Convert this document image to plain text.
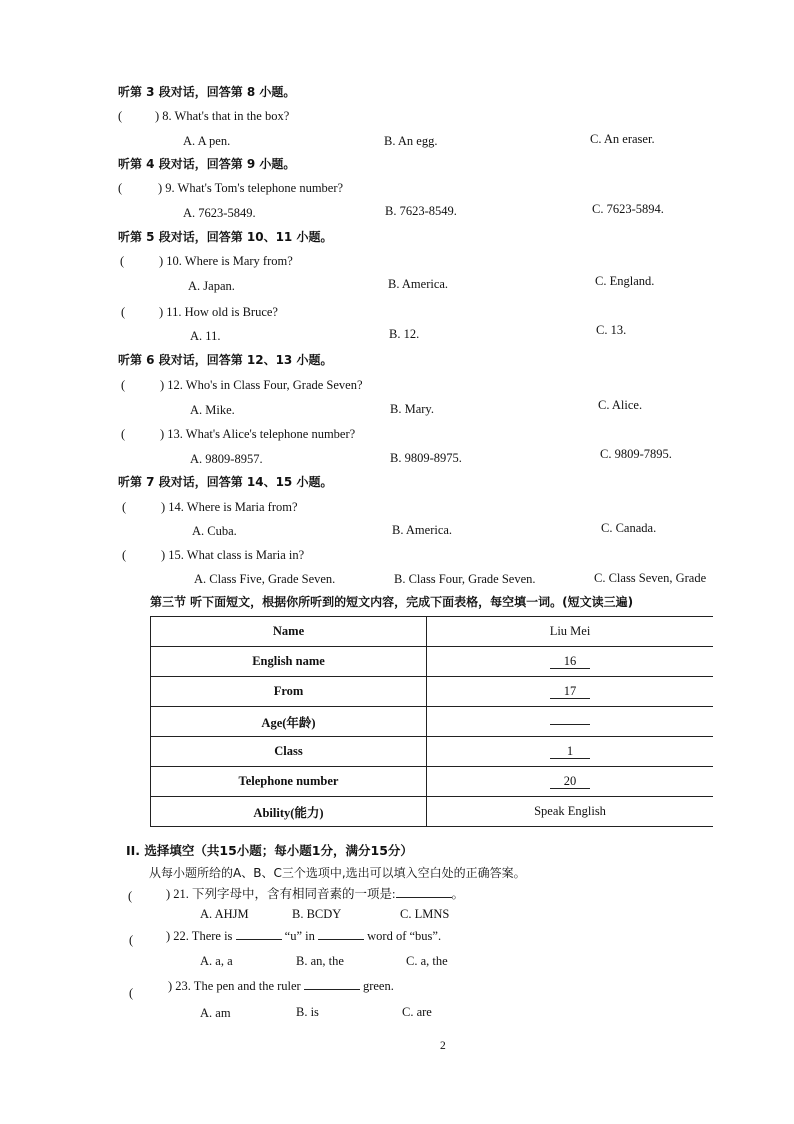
听第 3 段对话，回答第 8 小题。
(	) 8. What's that in the box?
A. A pen.	B. An egg.	C. An eraser.
听第 4 段对话，回答第 9 小题。
(	) 9. What's Tom's telephone number?
A. 7623-5849.	B. 7623-8549.	C. 7623-5894.
听第 5 段对话，回答第 10、11 小题。
(	) 10. Where is Mary from?
A. Japan.	B. America.	C. England.
(	) 11. How old is Bruce?
A. 11.	B. 12.	C. 13.
听第 6 段对话，回答第 12、13 小题。
(	) 12. Who's in Class Four, Grade Seven?
A. Mike.	B. Mary.	C. Alice.
(	) 13. What's Alice's telephone number?
A. 9809-8957.	B. 9809-8975.	C. 9809-7895.
听第 7 段对话，回答第 14、15 小题。
(	) 14. Where is Maria from?
A. Cuba.	B. America.	C. Canada.
(	) 15. What class is Maria in?
A. Class Five, Grade Seven.	B. Class Four, Grade Seven.	C. Class Seven, Grade
第三节 听下面短文，根据你所听到的短文内容，完成下面表格，每空填一词。(短文读三遍)
Name	Liu Mei
English name	16
From	17
Age(年龄)	
Class	1
Telephone number	20
Ability(能力)	Speak English
II. 选择填空（共15小题；每小题1分，满分15分）
从每小题所给的A、B、C三个选项中,选出可以填入空白处的正确答案。
(	) 21. 下列字母中，含有相同音素的一项是:	。
A. AHJM	B. BCDY	C. LMNS
(	) 22. There is	“u” in	word of “bus”.
A. a, a	B. an, the	C. a, the
(	) 23. The pen and the ruler	green.
A. am	B. is	C. are
2
